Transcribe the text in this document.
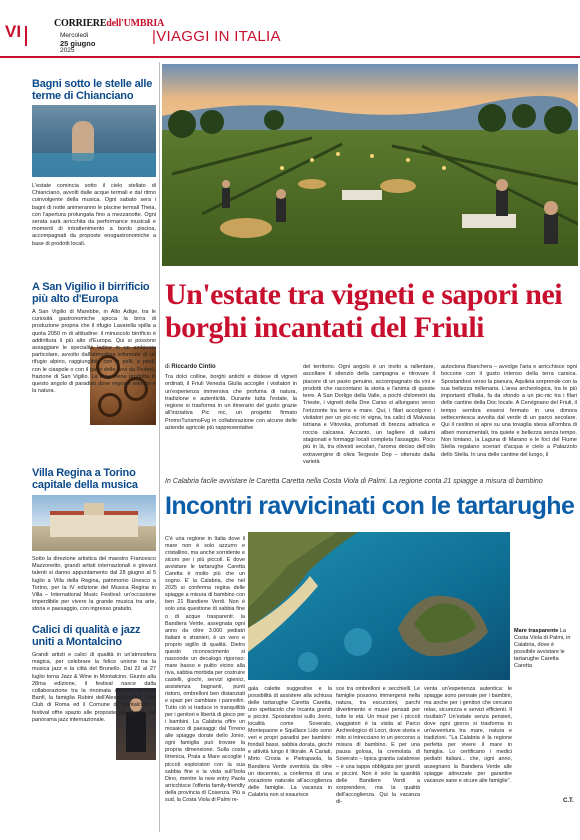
VI	CORRIEREdell'UMBRIA
Mercoledì
25 giugno
2025
|VIAGGI IN ITALIA
Bagni sotto le stelle alle terme di Chianciano
L'estate comincia sotto il cielo stellato di Chianciano, avvolti dalle acque termali e dal ritmo coinvolgente della musica. Ogni sabato sera i bagni di notte animeranno le piscine termali Theia, con l'apertura prolungata fino a mezzanotte. Ogni serata sarà arricchita da performance musicali e momenti di intrattenimento a bordo piscina, accompagnati da proposte enogastronomiche a base di prodotti locali.
A San Vigilio il birrificio più alto d'Europa
A San Vigilio di Marebbe, in Alto Adige, tra le curiosità gastronomiche spicca la birra di produzione propria che il rifugio Lavarella spilla a quota 2050 m di altitudine: il minuscolo birrificio è addirittura il più alto d'Europa. Qui si possono assaggiare le specialità ladine in un ambiente particolare, avvolto dall'atmosfera informale di un rifugio alpino, raggiungibile con le pelli, a piedi, con le ciaspole o con il gatto delle nevi da Pederù, frazione di San Vigilio. La birra viene prodotta in questo angolo di paradiso dove regna il silenzio e la natura.
Villa Regina a Torino capitale della musica
Sotto la direzione artistica del maestro Francesco Mazzonetto, grandi artisti internazionali e giovani talenti si danno appuntamento dal 28 giugno al 5 luglio a Villa della Regina, patrimonio Unesco a Torino, per la IV edizione del Musica Regina in Villa – International Music Festival: un'occasione imperdibile per vivere la grande musica tra arte, storia e paesaggio, con ingresso gratuito.
Calici di qualità e jazz uniti a Montalcino
Grandi artisti e calici di qualità in un'atmosfera magica, per celebrare la felice unione tra la musica jazz e la città del Brunello. Dal 22 al 27 luglio torna Jazz & Wine in Montalcino. Giunto alla 28ma edizione, il festival nasce dalla collaborazione tra la rinomata azienda vinicola Banfi, la famiglia Rubini dell'Alexanderplatz Jazz Club di Roma ed il Comune di Montalcino. Il festival offre spazio alle proposte più diverse del panorama jazz internazionale.
Un'estate tra vigneti e sapori nei borghi incantati del Friuli
di Riccardo Cintio
Tra dolci colline, borghi antichi e distese di vigneti ordinati, il Friuli Venezia Giulia accoglie i visitatori in un'esperienza immersiva che profuma di natura, tradizione e autenticità. Durante tutta l'estate, la regione si trasforma in un itinerario del gusto grazie all'iniziativa Pic nic, un progetto firmato PromoTurismoFvg in collaborazione con alcune delle aziende agricole più rappresentative
del territorio. Ogni angolo è un invito a rallentare, ascoltare il silenzio della campagna e ritrovare il piacere di un pasto genuino, accompagnato da vini e prodotti che raccontano la storia e l'anima di queste terre. A San Dorligo della Valle, a pochi chilometri da Trieste, i vigneti della Dne Carso si allungano verso l'orizzonte tra terra e mare. Qui, i filari accolgono i visitatori per un pic-nic in vigna, tra calici di Malvasia istriana e Vitovska, profumati di brezza adriatica e roccia calcarea. Accanto, un tagliere di salumi stagionati e formaggi locali completa l'assaggio. Poco più in là, tra olivesti secolari, l'aroma deciso dell'olio extravergine di oliva Tergeste Dop – ottenuto dalla varietà
autoctona Bianchera – avvolge l'aria e arricchisce ogni boccone con il gusto intenso della terra carsica. Spostandosi verso la pianura, Aquileia sorprende con la sua bellezza millenaria. L'area archeologica, tra le più importanti d'Italia, fa da sfondo a un pic-nic tra i filari delle cantine della Doc locale. A Cervignano del Friuli, il tempo sembra essersi fermato in una dimora settecentesca avvolta dal verde di un parco secolare. Qui il cestino si apre su una tovaglia stesa all'ombra di alberi monumentali, tra quiete e bellezza senza tempo. Non lontano, la Laguna di Marano e le foci del Fiume Stella regalano scenari d'acqua e cielo a Palazzolo dello Stella. In una delle cantine del luogo, il
In Calabria facile avvistare le Caretta Caretta nella Costa Viola di Palmi. La regione conta 21 spiagge a misura di bambino
Incontri ravvicinati con le tartarughe
C'è una regione in Italia dove il mare non è solo azzurro e cristallino, ma anche sorridente e sicuro per i più piccoli. E dove avvistare le tartarughe Caretta Caretta è molto più che un sogno. E' la Calabria, che nel 2025 si conferma regina delle spiagge a misura di bambino con ben 21 Bandiere Verdi. Non è solo una questione di sabbia fine o di acque trasparenti: la Bandiera Verde, assegnata ogni anno da oltre 3.000 pediatri italiani e stranieri, è un vero e proprio sigillo di qualità. Dietro questo riconoscimento si nasconde un decalogo rigoroso: mare basso e pulito vicino alla riva, sabbia morbida per costruire castelli, giochi, servizi igienici, assistenza bagnanti, punti ristoro, ombrelloni ben distanziati e spazi per cambiare i pannolini. Tutto ciò si traduce in tranquillità per i genitori e libertà di gioco per i bambini. La Calabria offre un mosaico di paesaggi: dal Tirreno alle spiagge dorate dello Jonio, ogni famiglia può trovare la propria dimensione. Sulla costa tirrenica, Praia a Mare accoglie i piccoli esploratori con la sua sabbia fine e la vista sull'Isola Dino, mentre la new entry Paola arricchisce l'offerta family-friendly della provincia di Cosenza. Più a sud, la Costa Viola di Palmi re-
gala calette suggestive e la possibilità di assistere alla schiusa delle tartarughe Caretta Caretta, uno spettacolo che incanta grandi e piccini. Spostandosi sullo Jonio, località come Soverato, Montepaone e Squillace Lido sono veri e propri paradisi per bambini: fondali bassi, sabbia dorata, giochi e attività lungo il litorale. A Cariati, Mirto Crosia e Pietrapaola, la Bandiera Verde sventola da oltre un decennio, a conferma di una vocazione naturale all'accoglienza delle famiglie. La vacanza in Calabria non si esaurisce
sce tra ombrelloni e secchielli. Le famiglie possono immergersi nella natura, tra escursioni, parchi divertimento e musei pensati per tutte le età. Un must per i piccoli viaggiatori è la visita al Parco Archeologico di Locri, dove storia e mito si intrecciano in un percorso a misura di bambino. E per una pausa golosa, la cremolata di Soverato – tipica granita calabrese – è una tappa obbligata per grandi e piccini. Non è solo la quantità delle Bandiere Verdi a sorprendere, ma la qualità dell'accoglienza. Qui la vacanza di-
venta un'esperienza autentica: le spiagge sono pensate per i bambini, ma anche per i genitori che cercano relax, sicurezza e servizi efficienti. Il risultato? Un'estate senza pensieri, dove ogni giorno si trasforma in un'avventura tra mare, natura e tradizioni. "La Calabria è la regione perfetta per vivere il mare in famiglia. Lo certificano i medici pediatri italiani... che, ogni anno, assegnano la Bandiera Verde alle spiagge attrezzate per garantire vacanze sane e sicure alle famiglie".
Mare trasparente La Costa Viola di Palmi, in Calabria, dove è possibile avvistare le tartarughe Caretta Caretta
C.T.
